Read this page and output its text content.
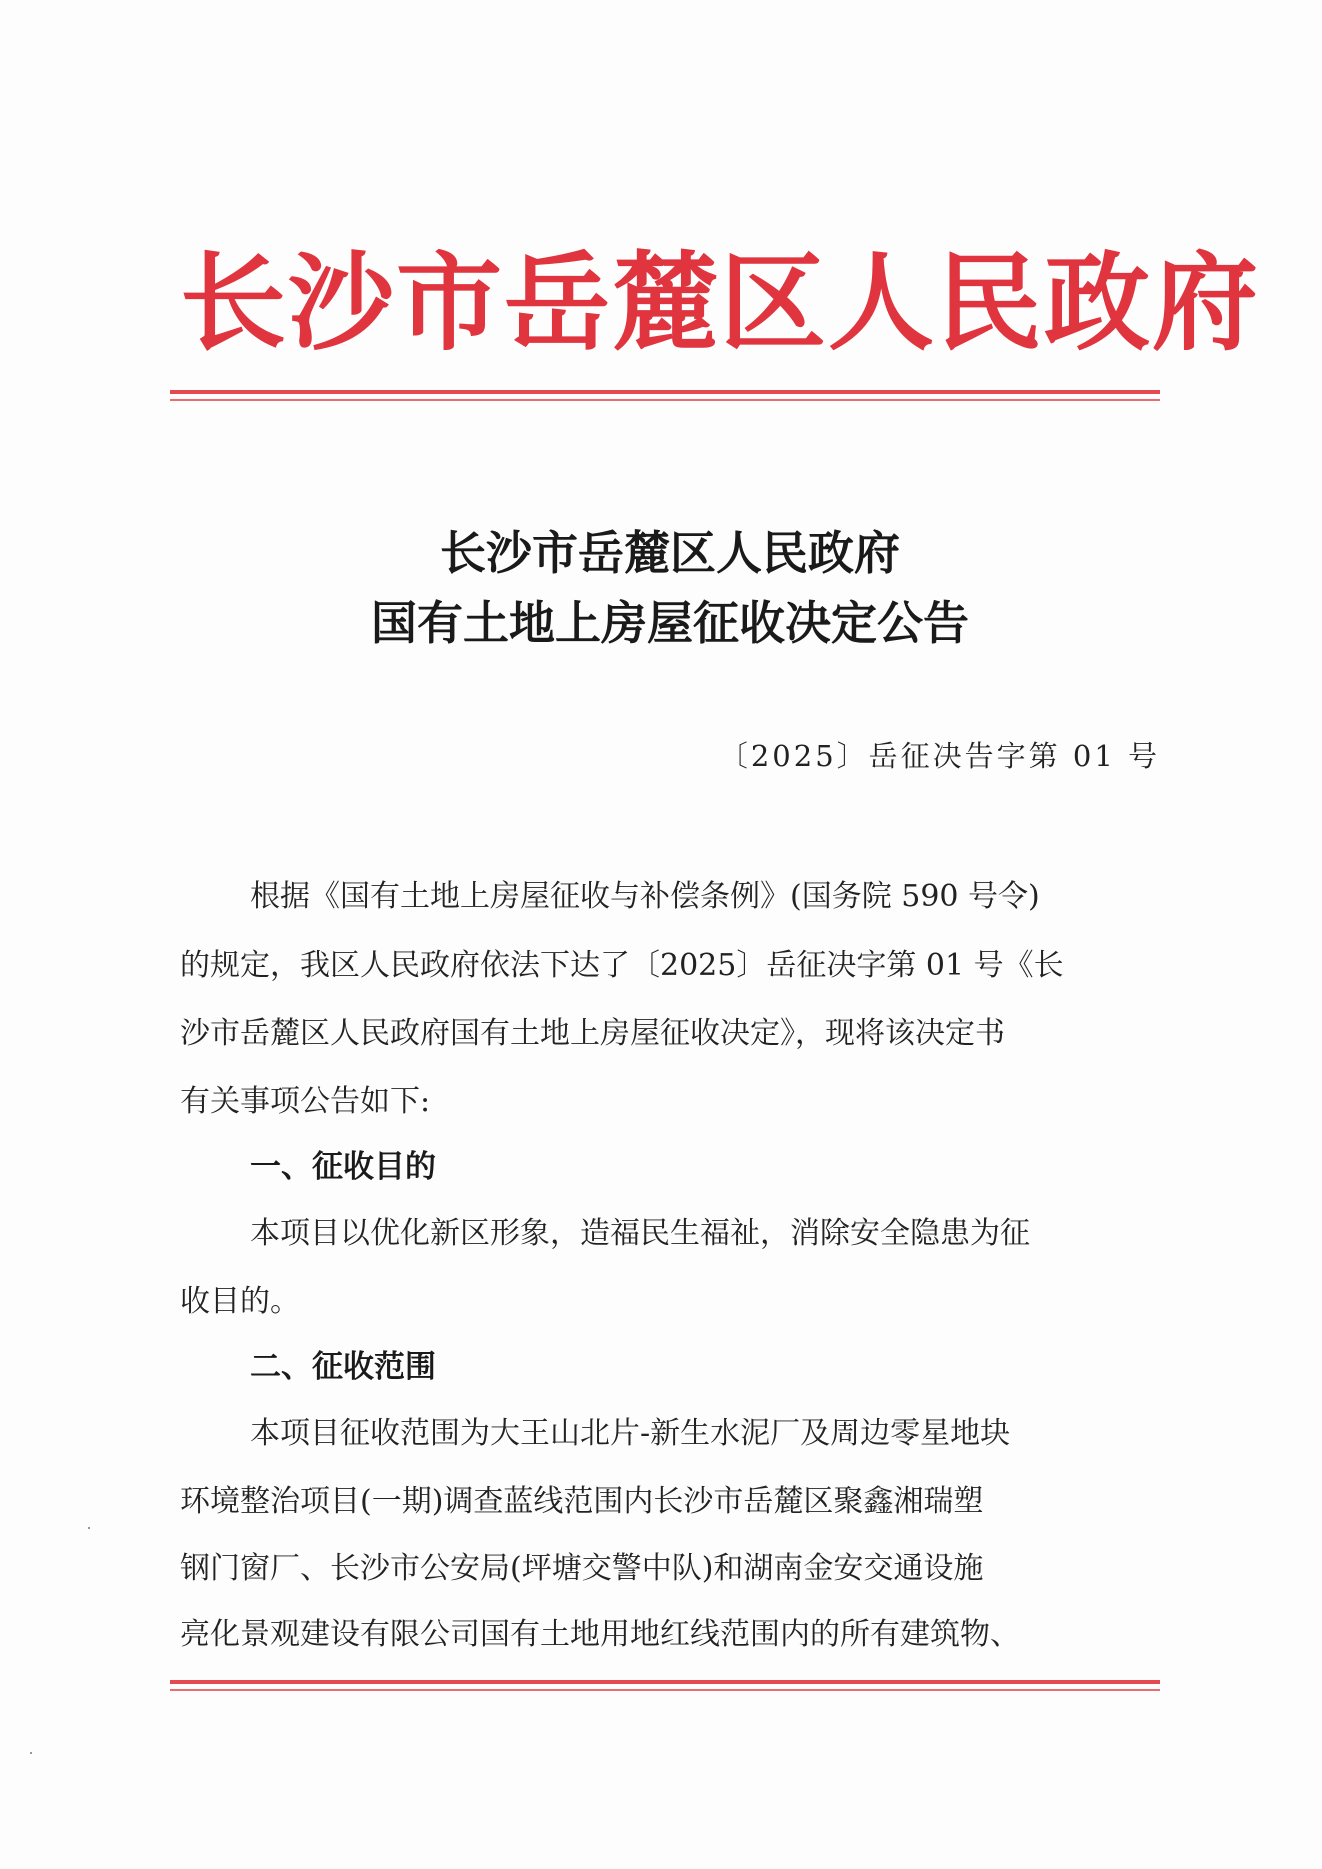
长沙市岳麓区人民政府
长沙市岳麓区人民政府
国有土地上房屋征收决定公告
〔2025〕岳征决告字第 01 号
根据《国有土地上房屋征收与补偿条例》(国务院 590 号令)
的规定，我区人民政府依法下达了〔2025〕岳征决字第 01 号《长
沙市岳麓区人民政府国有土地上房屋征收决定》，现将该决定书
有关事项公告如下:
一、征收目的
本项目以优化新区形象，造福民生福祉，消除安全隐患为征
收目的。
二、征收范围
本项目征收范围为大王山北片-新生水泥厂及周边零星地块
环境整治项目(一期)调查蓝线范围内长沙市岳麓区聚鑫湘瑞塑
钢门窗厂、长沙市公安局(坪塘交警中队)和湖南金安交通设施
亮化景观建设有限公司国有土地用地红线范围内的所有建筑物、
